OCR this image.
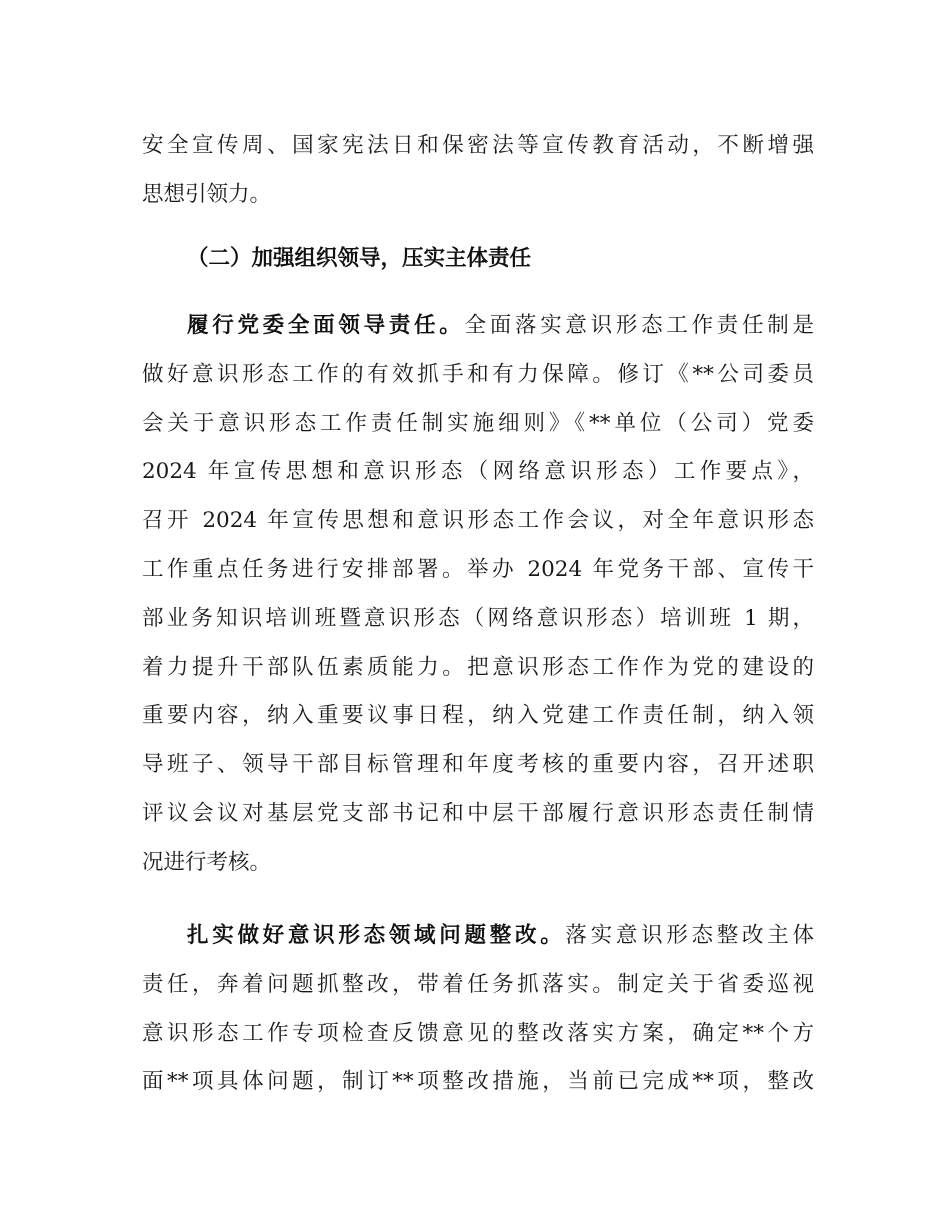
安全宣传周、国家宪法日和保密法等宣传教育活动，不断增强
思想引领力。
（二）加强组织领导，压实主体责任
履行党委全面领导责任。全面落实意识形态工作责任制是
做好意识形态工作的有效抓手和有力保障。修订《**公司委员
会关于意识形态工作责任制实施细则》《**单位（公司）党委
2024 年宣传思想和意识形态（网络意识形态）工作要点》，
召开 2024 年宣传思想和意识形态工作会议，对全年意识形态
工作重点任务进行安排部署。举办 2024 年党务干部、宣传干
部业务知识培训班暨意识形态（网络意识形态）培训班 1 期，
着力提升干部队伍素质能力。把意识形态工作作为党的建设的
重要内容，纳入重要议事日程，纳入党建工作责任制，纳入领
导班子、领导干部目标管理和年度考核的重要内容，召开述职
评议会议对基层党支部书记和中层干部履行意识形态责任制情
况进行考核。
扎实做好意识形态领域问题整改。落实意识形态整改主体
责任，奔着问题抓整改，带着任务抓落实。制定关于省委巡视
意识形态工作专项检查反馈意见的整改落实方案，确定**个方
面**项具体问题，制订**项整改措施，当前已完成**项，整改
